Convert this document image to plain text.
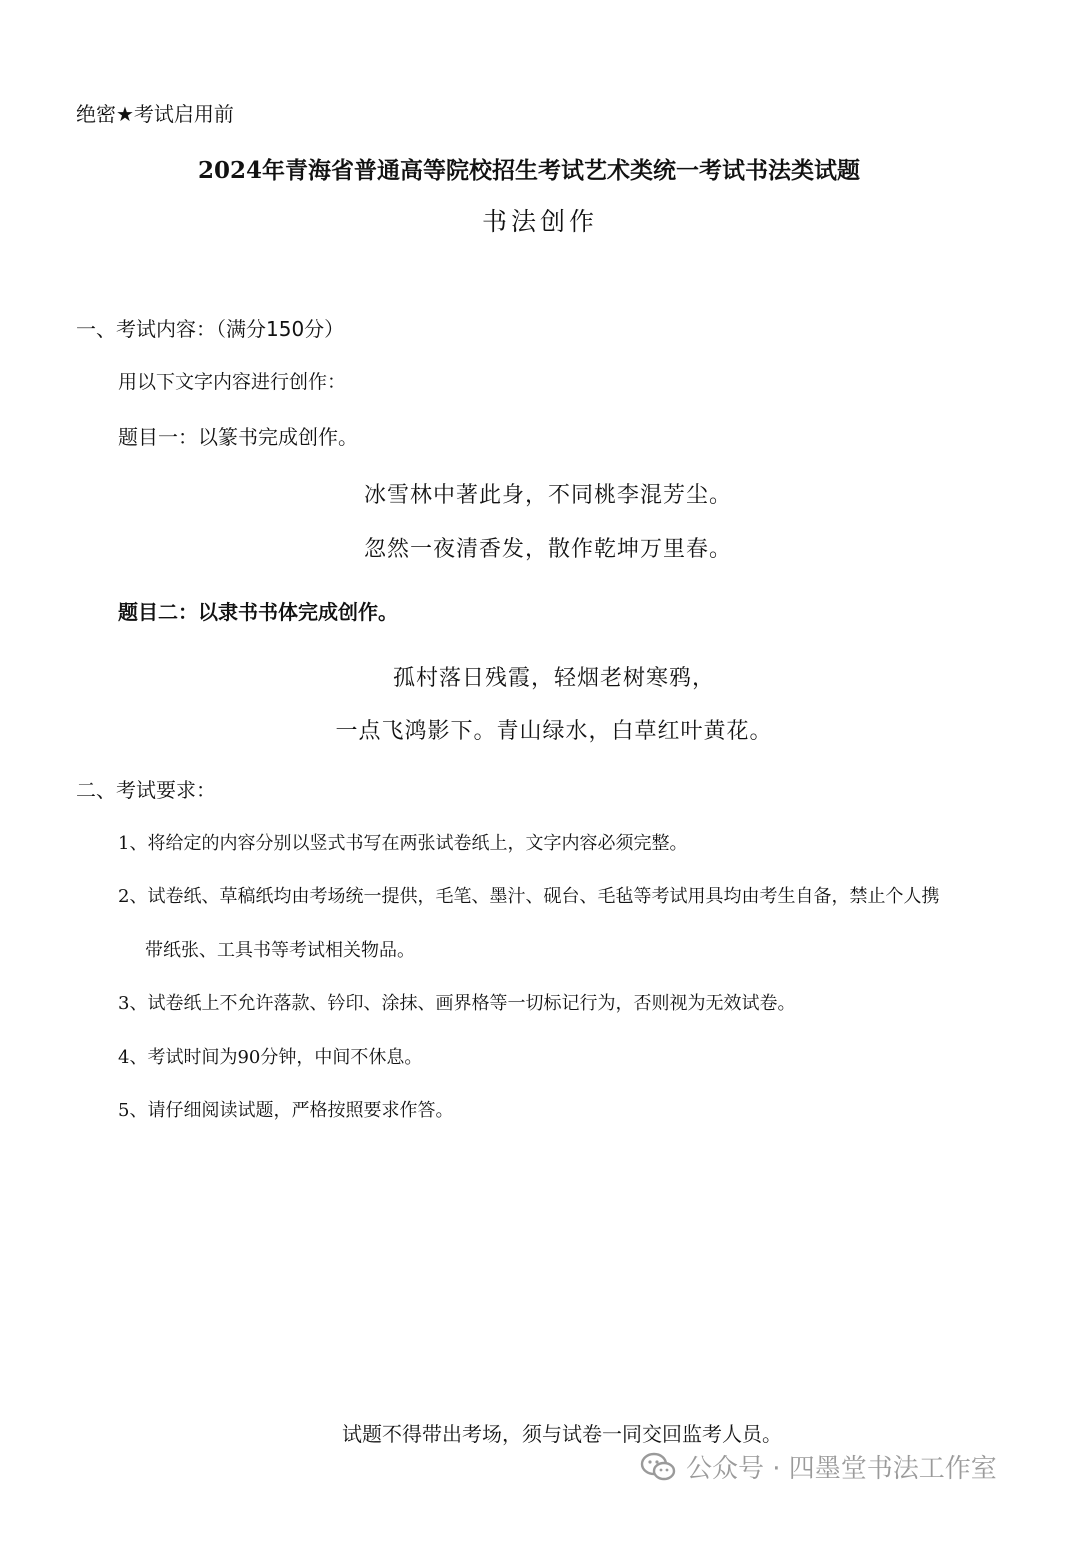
绝密★考试启用前
2024年青海省普通高等院校招生考试艺术类统一考试书法类试题
书法创作
一、考试内容：（满分150分）
用以下文字内容进行创作：
题目一：以篆书完成创作。
冰雪林中著此身，不同桃李混芳尘。
忽然一夜清香发，散作乾坤万里春。
题目二：以隶书书体完成创作。
孤村落日残霞，轻烟老树寒鸦，
一点飞鸿影下。青山绿水，白草红叶黄花。
二、考试要求：
1、将给定的内容分别以竖式书写在两张试卷纸上，文字内容必须完整。
2、试卷纸、草稿纸均由考场统一提供，毛笔、墨汁、砚台、毛毡等考试用具均由考生自备，禁止个人携
带纸张、工具书等考试相关物品。
3、试卷纸上不允许落款、钤印、涂抹、画界格等一切标记行为，否则视为无效试卷。
4、考试时间为90分钟，中间不休息。
5、请仔细阅读试题，严格按照要求作答。
试题不得带出考场，须与试卷一同交回监考人员。
公众号 · 四墨堂书法工作室
